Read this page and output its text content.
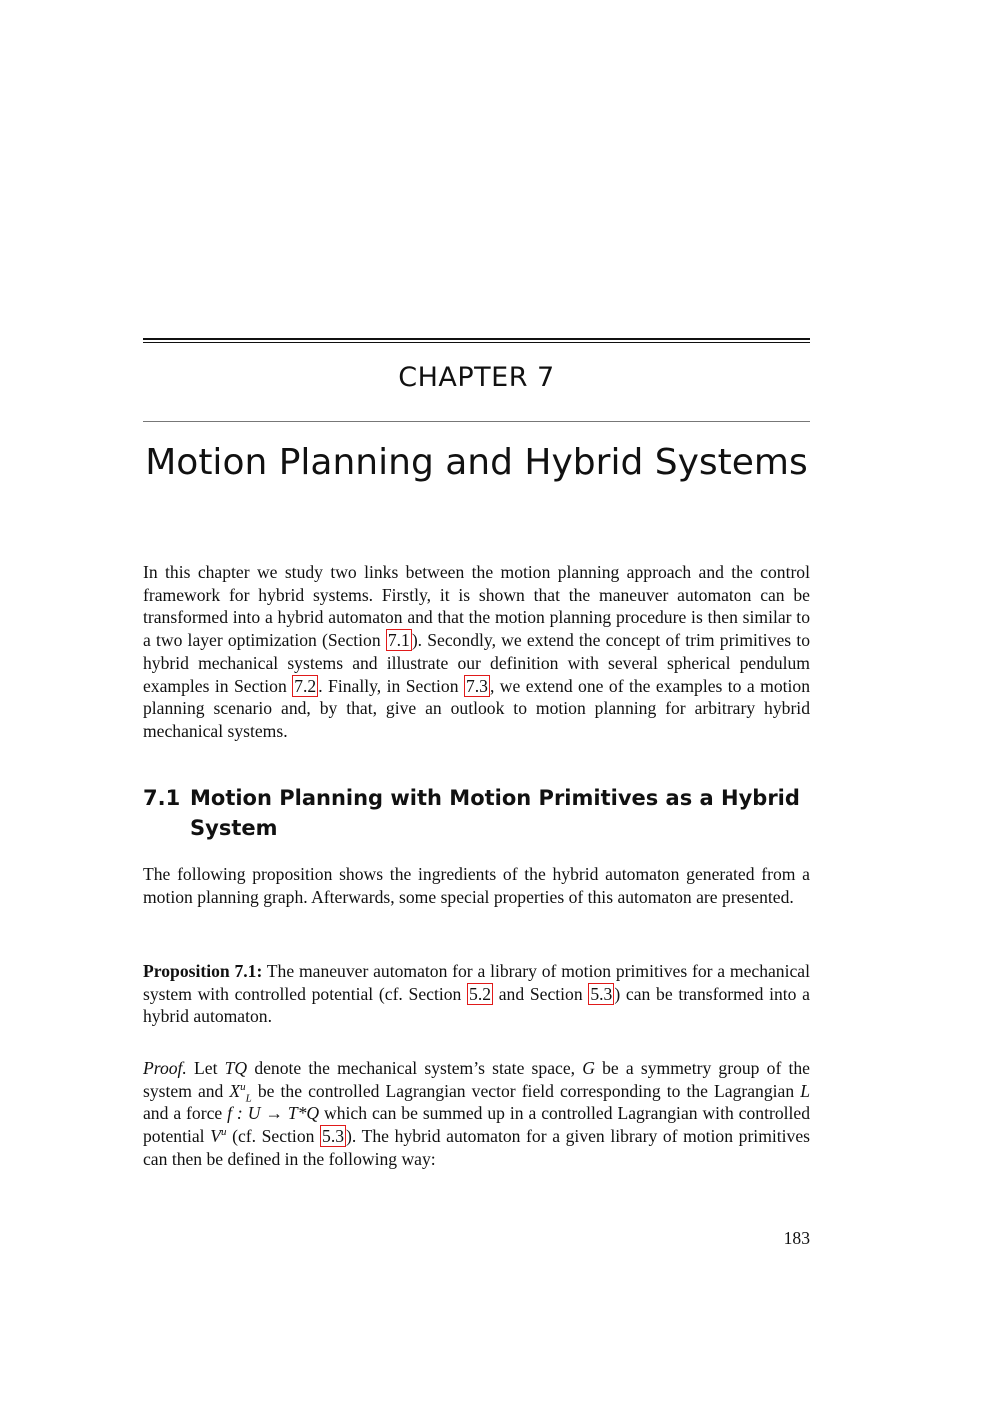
CHAPTER 7
Motion Planning and Hybrid Systems

In this chapter we study two links between the motion planning approach and the control framework for hybrid systems. Firstly, it is shown that the maneuver automaton can be transformed into a hybrid automaton and that the motion planning procedure is then similar to a two layer optimization (Section 7.1 ). Secondly, we extend the concept of trim primitives to hybrid mechanical systems and illustrate our definition with several spherical pendulum examples in Section 7.2 . Finally, in Section 7.3 , we extend one of the examples to a motion planning scenario and, by that, give an outlook to motion planning for arbitrary hybrid mechanical systems.

7.1 Motion Planning with Motion Primitives as a Hybrid System

The following proposition shows the ingredients of the hybrid automaton generated from a motion planning graph. Afterwards, some special properties of this automaton are presented.

Proposition 7.1: The maneuver automaton for a library of motion primitives for a mechanical system with controlled potential (cf. Section 5.2 and Section 5.3 ) can be transformed into a hybrid automaton.

Proof. Let TQ denote the mechanical system’s state space, G be a symmetry group of the system and $X^u_L$ be the controlled Lagrangian vector field corresponding to the Lagrangian L and a force f : U → T*Q which can be summed up in a controlled Lagrangian with controlled potential $V^u$ (cf. Section 5.3 ). The hybrid automaton for a given library of motion primitives can then be defined in the following way:

183
